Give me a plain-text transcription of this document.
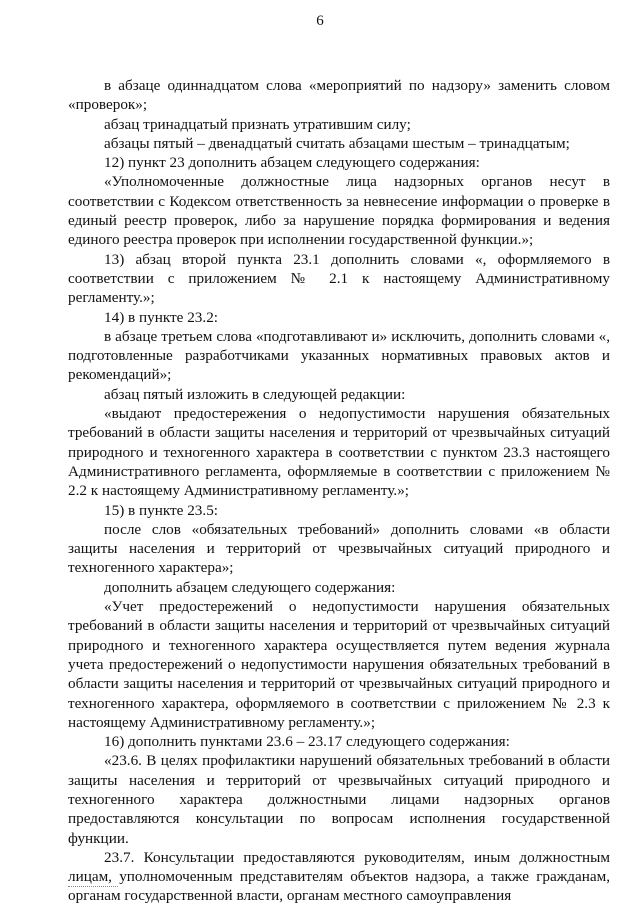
6

в абзаце одиннадцатом слова «мероприятий по надзору» заменить словом «проверок»;

абзац тринадцатый признать утратившим силу;

абзацы пятый – двенадцатый считать абзацами шестым – тринадцатым;

12) пункт 23 дополнить абзацем следующего содержания:

«Уполномоченные должностные лица надзорных органов несут в соответствии с Кодексом ответственность за невнесение информации о проверке в единый реестр проверок, либо за нарушение порядка формирования и ведения единого реестра проверок при исполнении государственной функции.»;

13) абзац второй пункта 23.1 дополнить словами «, оформляемого в соответствии с приложением № 2.1 к настоящему Административному регламенту.»;

14) в пункте 23.2:

в абзаце третьем слова «подготавливают и» исключить, дополнить словами «, подготовленные разработчиками указанных нормативных правовых актов и рекомендаций»;

абзац пятый изложить в следующей редакции:

«выдают предостережения о недопустимости нарушения обязательных требований в области защиты населения и территорий от чрезвычайных ситуаций природного и техногенного характера в соответствии с пунктом 23.3 настоящего Административного регламента, оформляемые в соответствии с приложением № 2.2 к настоящему Административному регламенту.»;

15) в пункте 23.5:

после слов «обязательных требований» дополнить словами «в области защиты населения и территорий от чрезвычайных ситуаций природного и техногенного характера»;

дополнить абзацем следующего содержания:

«Учет предостережений о недопустимости нарушения обязательных требований в области защиты населения и территорий от чрезвычайных ситуаций природного и техногенного характера осуществляется путем ведения журнала учета предостережений о недопустимости нарушения обязательных требований в области защиты населения и территорий от чрезвычайных ситуаций природного и техногенного характера, оформляемого в соответствии с приложением № 2.3 к настоящему Административному регламенту.»;

16) дополнить пунктами 23.6 – 23.17 следующего содержания:

«23.6. В целях профилактики нарушений обязательных требований в области защиты населения и территорий от чрезвычайных ситуаций природного и техногенного характера должностными лицами надзорных органов предоставляются консультации по вопросам исполнения государственной функции.

23.7. Консультации предоставляются руководителям, иным должностным лицам, уполномоченным представителям объектов надзора, а также гражданам, органам государственной власти, органам местного самоуправления
